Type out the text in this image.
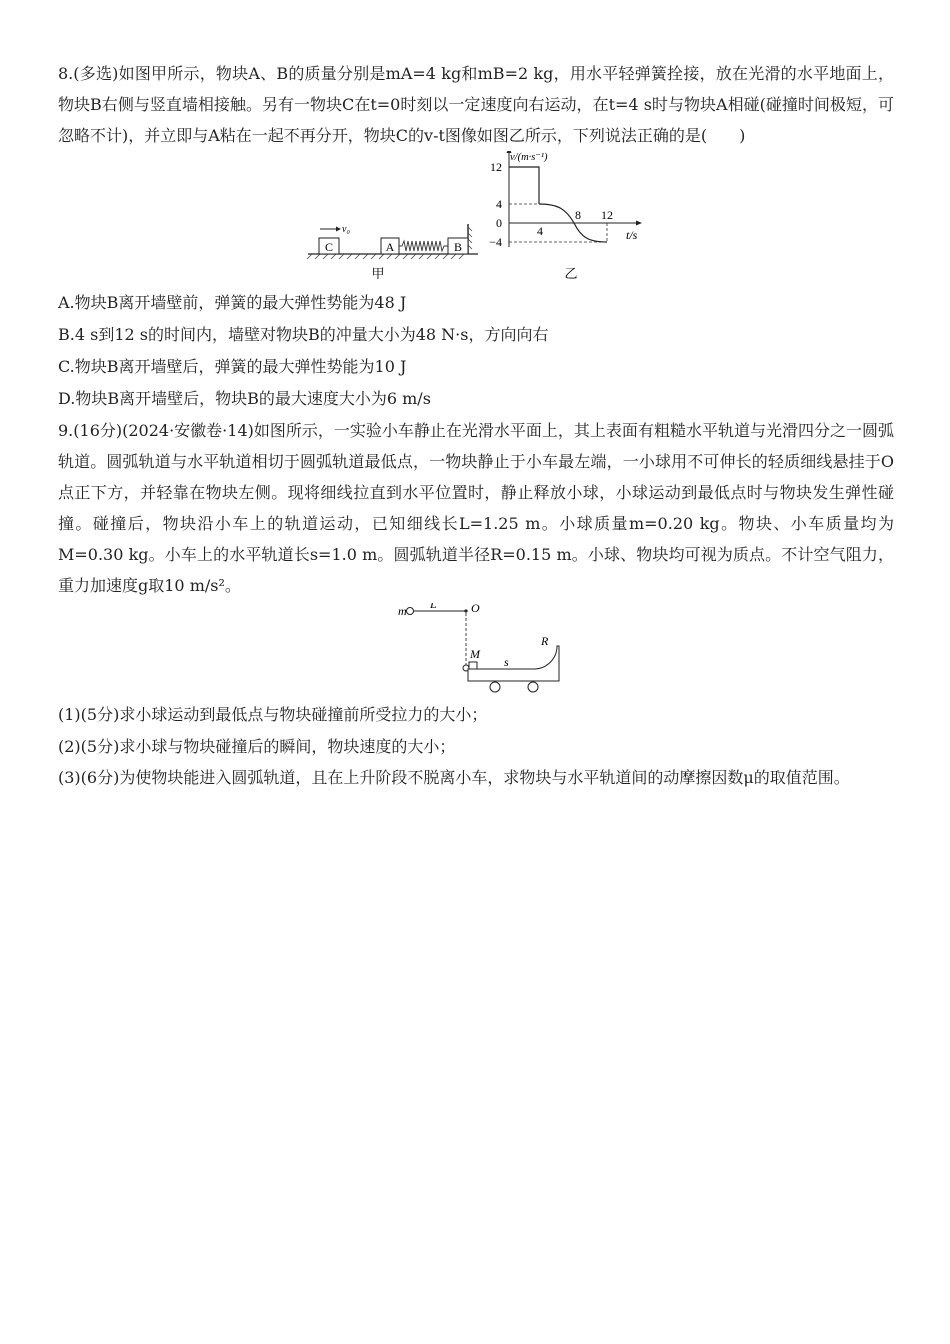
8.(多选)如图甲所示，物块A、B的质量分别是mA=4 kg和mB=2 kg，用水平轻弹簧拴接，放在光滑的水平地面上，物块B右侧与竖直墙相接触。另有一物块C在t=0时刻以一定速度向右运动，在t=4 s时与物块A相碰(碰撞时间极短，可忽略不计)，并立即与A粘在一起不再分开，物块C的v-t图像如图乙所示，下列说法正确的是(　　)

C
v₀
A	B
甲
v/(m·s⁻¹)
t/s
12
4
0
−4
4
8 12
乙

A.物块B离开墙壁前，弹簧的最大弹性势能为48 J

B.4 s到12 s的时间内，墙壁对物块B的冲量大小为48 N·s，方向向右

C.物块B离开墙壁后，弹簧的最大弹性势能为10 J

D.物块B离开墙壁后，物块B的最大速度大小为6 m/s

9.(16分)(2024·安徽卷·14)如图所示，一实验小车静止在光滑水平面上，其上表面有粗糙水平轨道与光滑四分之一圆弧轨道。圆弧轨道与水平轨道相切于圆弧轨道最低点，一物块静止于小车最左端，一小球用不可伸长的轻质细线悬挂于O点正下方，并轻靠在物块左侧。现将细线拉直到水平位置时，静止释放小球，小球运动到最低点时与物块发生弹性碰撞。碰撞后，物块沿小车上的轨道运动，已知细线长L=1.25 m。小球质量m=0.20 kg。物块、小车质量均为M=0.30 kg。小车上的水平轨道长s=1.0 m。圆弧轨道半径R=0.15 m。小球、物块均可视为质点。不计空气阻力，重力加速度g取10 m/s²。

m L	O
M
s
R

(1)(5分)求小球运动到最低点与物块碰撞前所受拉力的大小；

(2)(5分)求小球与物块碰撞后的瞬间，物块速度的大小；

(3)(6分)为使物块能进入圆弧轨道，且在上升阶段不脱离小车，求物块与水平轨道间的动摩擦因数μ的取值范围。
